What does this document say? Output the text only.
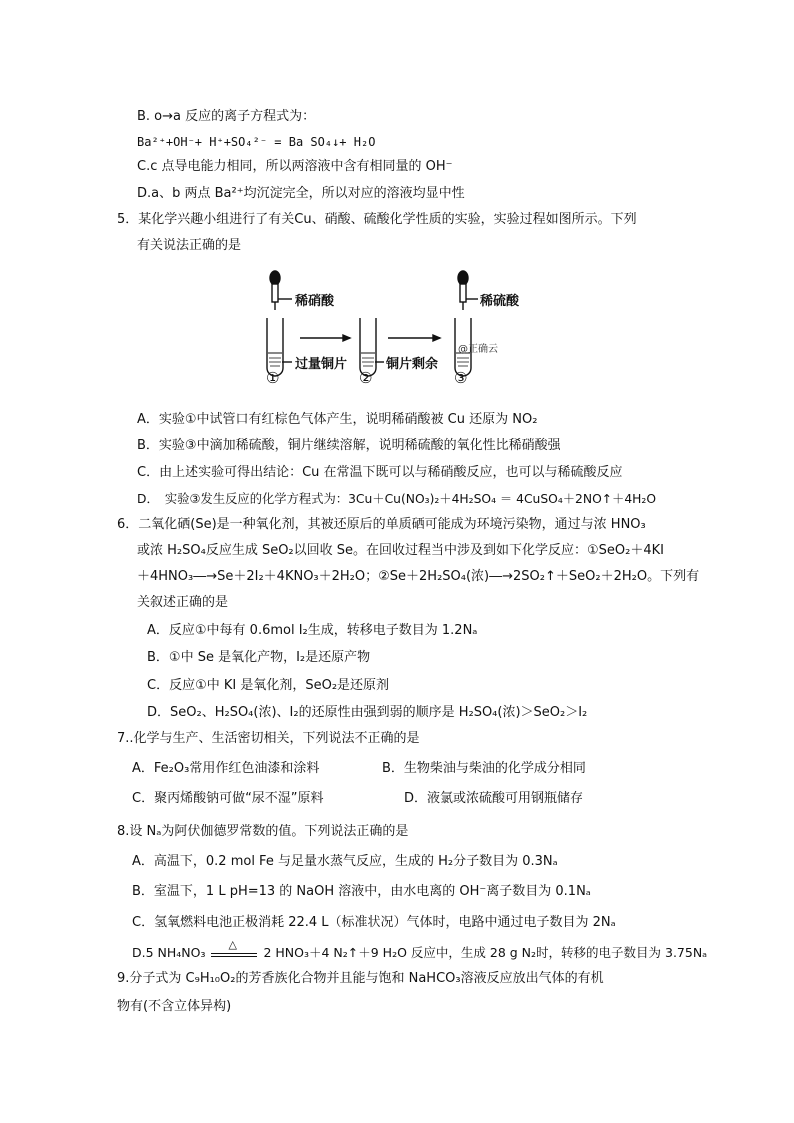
B. o→a 反应的离子方程式为：
Ba²⁺+OH⁻+ H⁺+SO₄²⁻ = Ba SO₄↓+ H₂O
C.c 点导电能力相同，所以两溶液中含有相同量的 OH⁻
D.a、b 两点 Ba²⁺均沉淀完全，所以对应的溶液均显中性
5．某化学兴趣小组进行了有关Cu、硝酸、硫酸化学性质的实验，实验过程如图所示。下列
有关说法正确的是
稀硝酸
过量铜片	铜片剩余
稀硫酸
@正确云
①	②	③
A．实验①中试管口有红棕色气体产生，说明稀硝酸被 Cu 还原为 NO₂
B．实验③中滴加稀硫酸，铜片继续溶解，说明稀硫酸的氧化性比稀硝酸强
C．由上述实验可得出结论：Cu 在常温下既可以与稀硝酸反应，也可以与稀硫酸反应
D．　实验③发生反应的化学方程式为：3Cu＋Cu(NO₃)₂＋4H₂SO₄ ＝ 4CuSO₄＋2NO↑＋4H₂O
6．二氧化硒(Se)是一种氧化剂，其被还原后的单质硒可能成为环境污染物，通过与浓 HNO₃
或浓 H₂SO₄反应生成 SeO₂以回收 Se。在回收过程当中涉及到如下化学反应：①SeO₂＋4KI
＋4HNO₃―→Se＋2I₂＋4KNO₃＋2H₂O；②Se＋2H₂SO₄(浓)―→2SO₂↑＋SeO₂＋2H₂O。下列有
关叙述正确的是
A．反应①中每有 0.6mol I₂生成，转移电子数目为 1.2Nₐ
B．①中 Se 是氧化产物，I₂是还原产物
C．反应①中 KI 是氧化剂，SeO₂是还原剂
D．SeO₂、H₂SO₄(浓)、I₂的还原性由强到弱的顺序是 H₂SO₄(浓)＞SeO₂＞I₂
7..化学与生产、生活密切相关，下列说法不正确的是
A．Fe₂O₃常用作红色油漆和涂料	B．生物柴油与柴油的化学成分相同
C．聚丙烯酸钠可做“尿不湿”原料	D．液氯或浓硫酸可用钢瓶储存
8.设 Nₐ为阿伏伽德罗常数的值。下列说法正确的是
A．高温下，0.2 mol Fe 与足量水蒸气反应，生成的 H₂分子数目为 0.3Nₐ
B．室温下，1 L pH=13 的 NaOH 溶液中，由水电离的 OH⁻离子数目为 0.1Nₐ
C．氢氧燃料电池正极消耗 22.4 L（标准状况）气体时，电路中通过电子数目为 2Nₐ
D.5 NH₄NO₃
△
2 HNO₃＋4 N₂↑＋9 H₂O 反应中，生成 28 g N₂时，转移的电子数目为 3.75Nₐ
9.分子式为 C₉H₁₀O₂的芳香族化合物并且能与饱和 NaHCO₃溶液反应放出气体的有机
物有(不含立体异构)
